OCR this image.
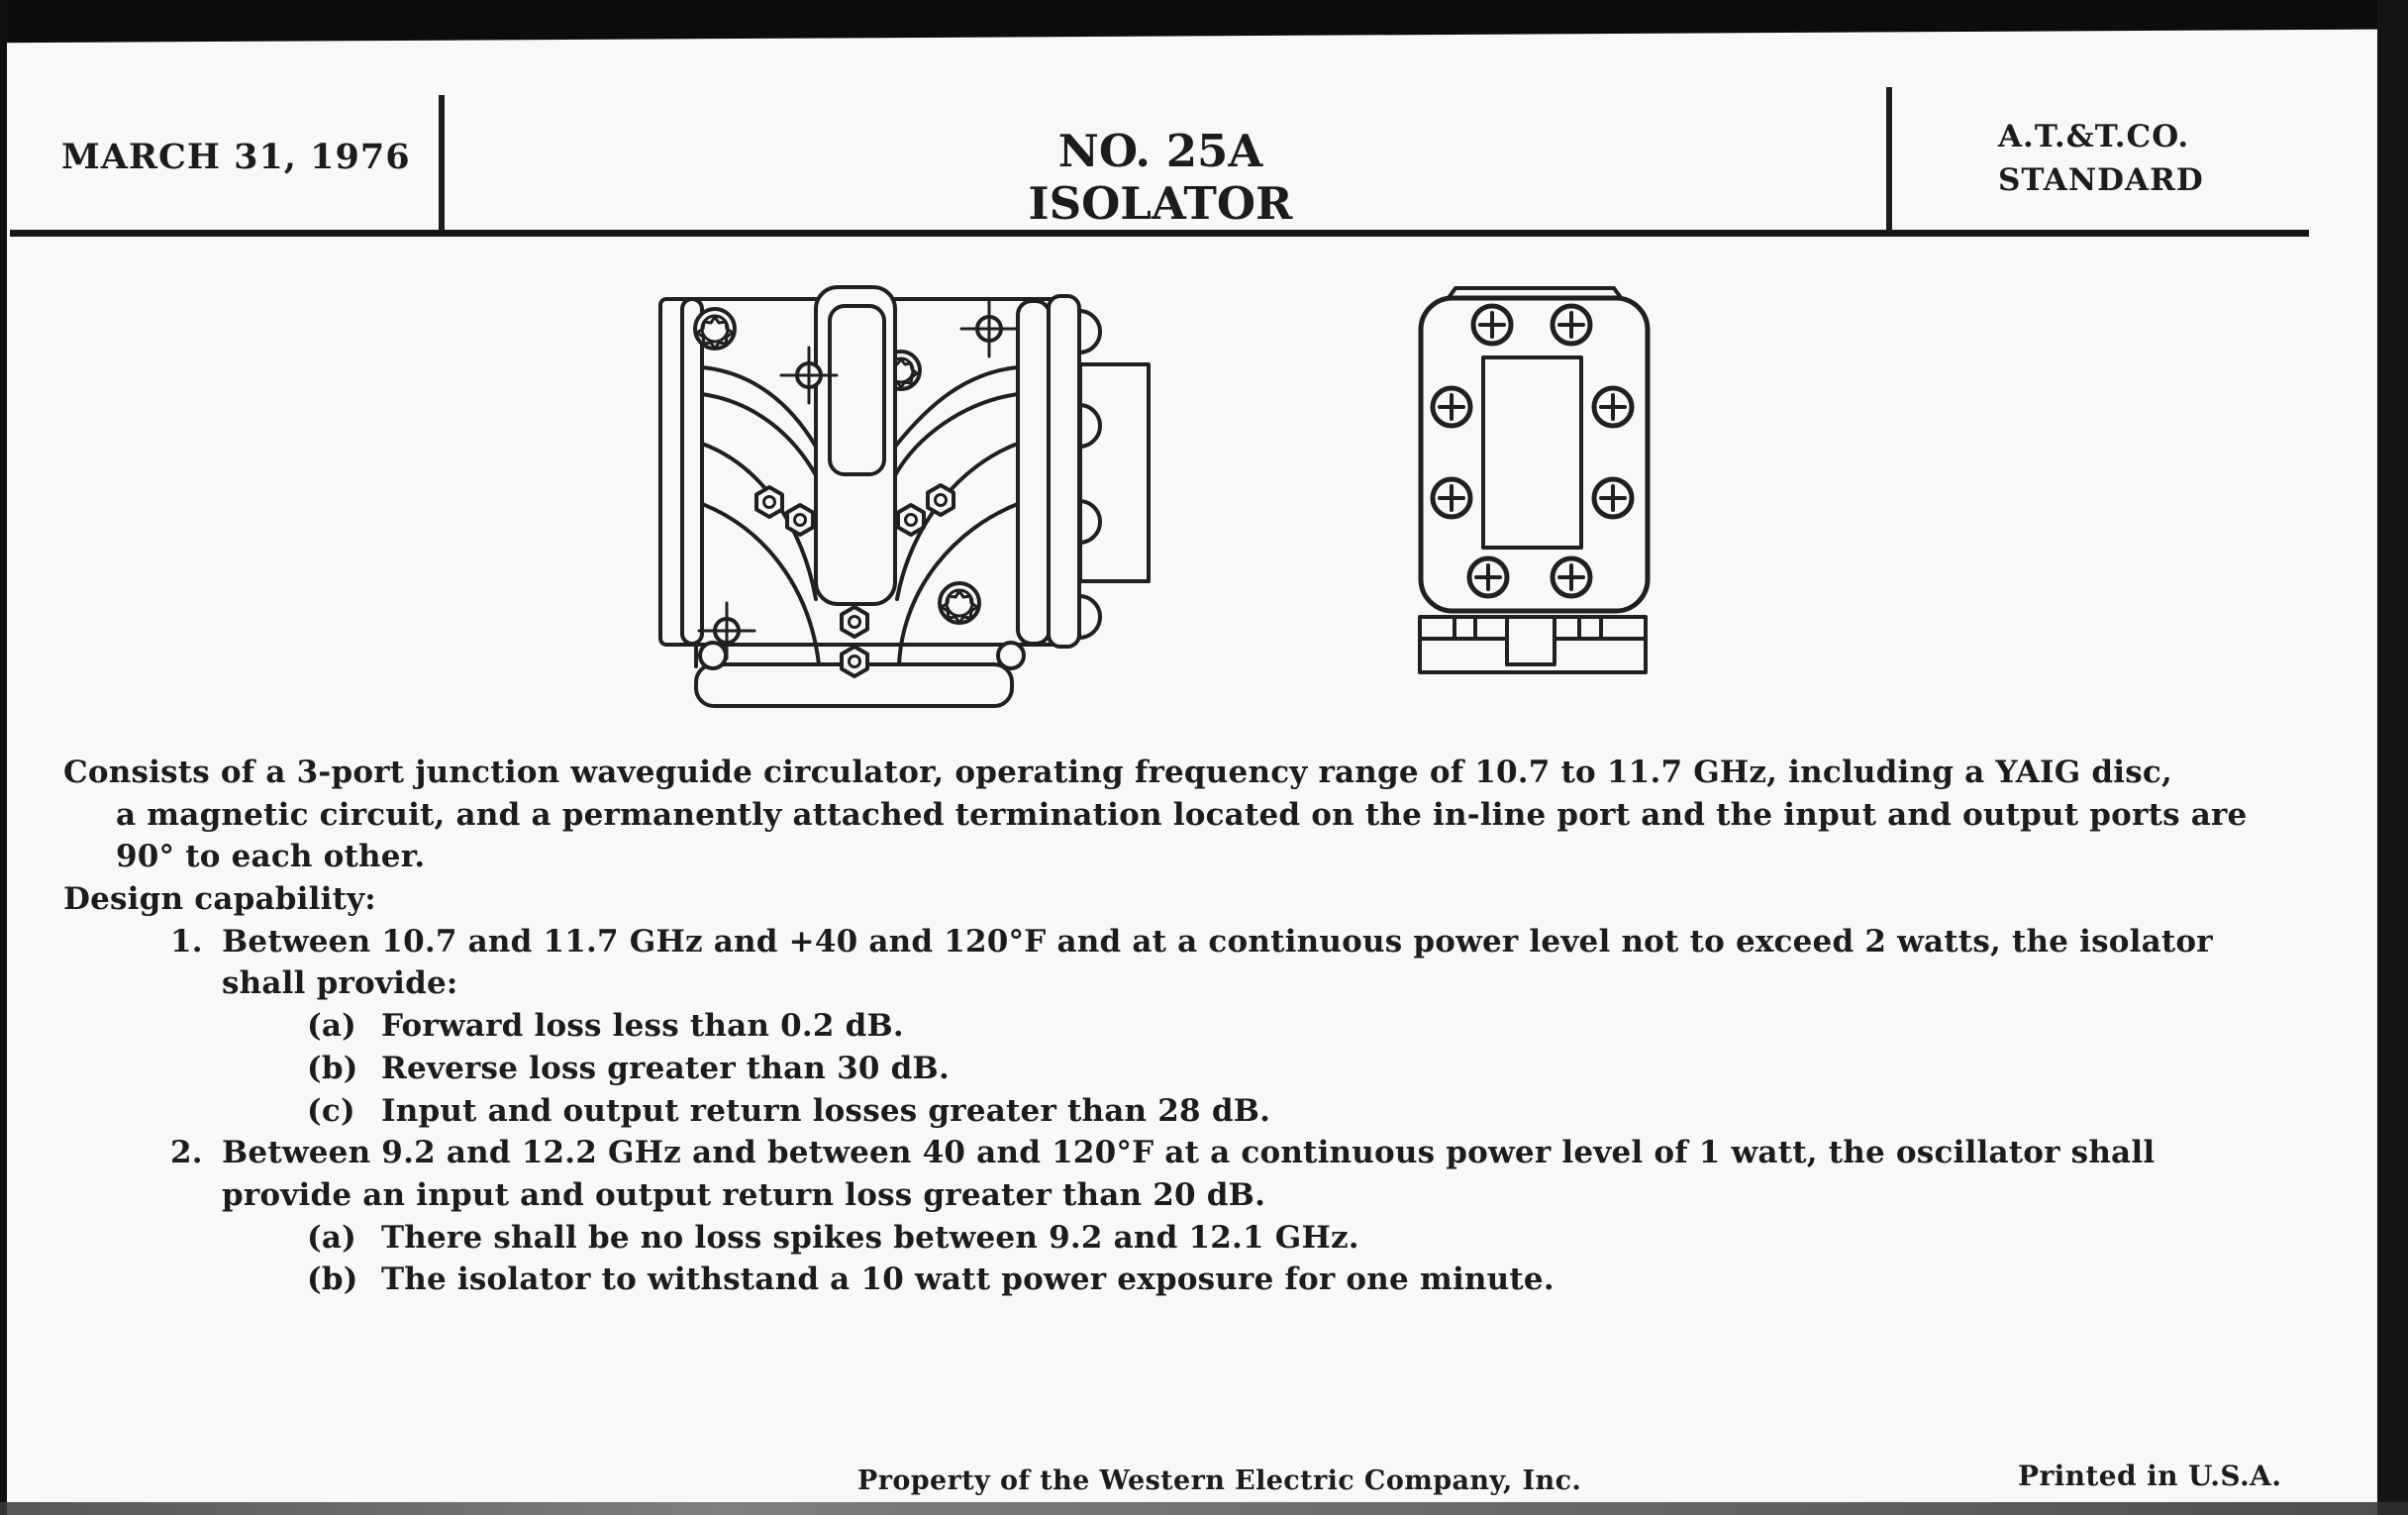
MARCH 31, 1976	NO. 25A ISOLATOR
A.T.&T.CO.
STANDARD
Consists of a 3-port junction waveguide circulator, operating frequency range of 10.7 to 11.7 GHz, including a YAIG disc,
a magnetic circuit, and a permanently attached termination located on the in-line port and the input and output ports are
90° to each other.
Design capability:
1. Between 10.7 and 11.7 GHz and +40 and 120°F and at a continuous power level not to exceed 2 watts, the isolator
shall provide:
(a) Forward loss less than 0.2 dB.
(b) Reverse loss greater than 30 dB.
(c) Input and output return losses greater than 28 dB.
2. Between 9.2 and 12.2 GHz and between 40 and 120°F at a continuous power level of 1 watt, the oscillator shall
provide an input and output return loss greater than 20 dB.
(a) There shall be no loss spikes between 9.2 and 12.1 GHz.
(b) The isolator to withstand a 10 watt power exposure for one minute.
Property of the Western Electric Company, Inc.	Printed in U.S.A.
